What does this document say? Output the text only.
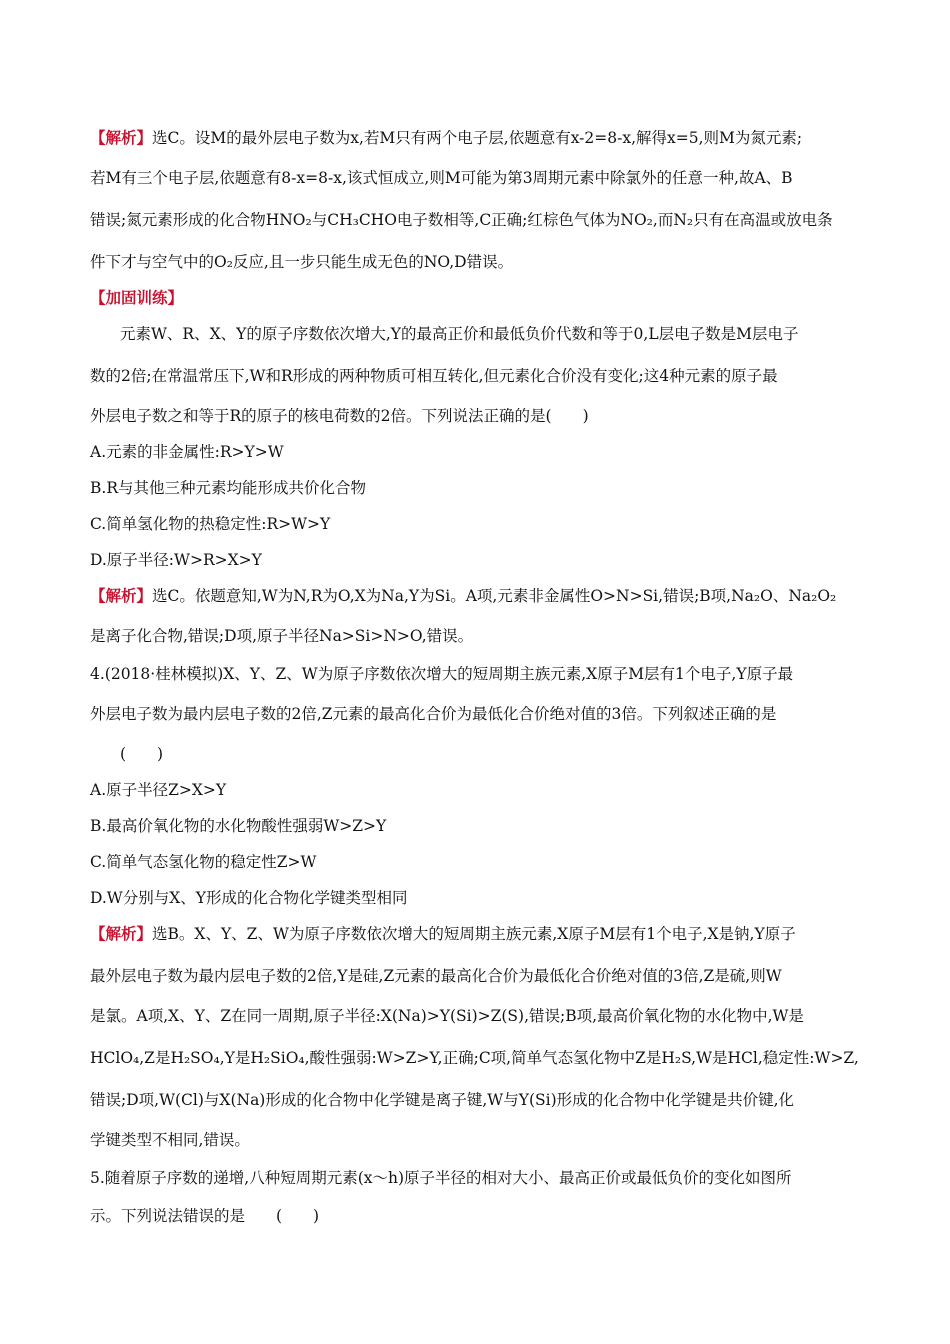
【解析】选C。设M的最外层电子数为x,若M只有两个电子层,依题意有x-2=8-x,解得x=5,则M为氮元素;
若M有三个电子层,依题意有8-x=8-x,该式恒成立,则M可能为第3周期元素中除氯外的任意一种,故A、B
错误;氮元素形成的化合物HNO₂与CH₃CHO电子数相等,C正确;红棕色气体为NO₂,而N₂只有在高温或放电条
件下才与空气中的O₂反应,且一步只能生成无色的NO,D错误。
【加固训练】
元素W、R、X、Y的原子序数依次增大,Y的最高正价和最低负价代数和等于0,L层电子数是M层电子
数的2倍;在常温常压下,W和R形成的两种物质可相互转化,但元素化合价没有变化;这4种元素的原子最
外层电子数之和等于R的原子的核电荷数的2倍。下列说法正确的是(　　)
A.元素的非金属性:R>Y>W
B.R与其他三种元素均能形成共价化合物
C.简单氢化物的热稳定性:R>W>Y
D.原子半径:W>R>X>Y
【解析】选C。依题意知,W为N,R为O,X为Na,Y为Si。A项,元素非金属性O>N>Si,错误;B项,Na₂O、Na₂O₂
是离子化合物,错误;D项,原子半径Na>Si>N>O,错误。
4.(2018·桂林模拟)X、Y、Z、W为原子序数依次增大的短周期主族元素,X原子M层有1个电子,Y原子最
外层电子数为最内层电子数的2倍,Z元素的最高化合价为最低化合价绝对值的3倍。下列叙述正确的是
(　　)
A.原子半径Z>X>Y
B.最高价氧化物的水化物酸性强弱W>Z>Y
C.简单气态氢化物的稳定性Z>W
D.W分别与X、Y形成的化合物化学键类型相同
【解析】选B。X、Y、Z、W为原子序数依次增大的短周期主族元素,X原子M层有1个电子,X是钠,Y原子
最外层电子数为最内层电子数的2倍,Y是硅,Z元素的最高化合价为最低化合价绝对值的3倍,Z是硫,则W
是氯。A项,X、Y、Z在同一周期,原子半径:X(Na)>Y(Si)>Z(S),错误;B项,最高价氧化物的水化物中,W是
HClO₄,Z是H₂SO₄,Y是H₂SiO₄,酸性强弱:W>Z>Y,正确;C项,简单气态氢化物中Z是H₂S,W是HCl,稳定性:W>Z,
错误;D项,W(Cl)与X(Na)形成的化合物中化学键是离子键,W与Y(Si)形成的化合物中化学键是共价键,化
学键类型不相同,错误。
5.随着原子序数的递增,八种短周期元素(x～h)原子半径的相对大小、最高正价或最低负价的变化如图所
示。下列说法错误的是　　(　　)
